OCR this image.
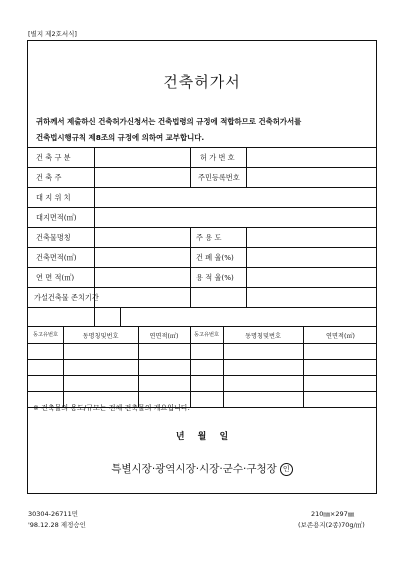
[별지 제2호서식]
건축허가서
귀하께서 제출하신 건축허가신청서는 건축법령의 규정에 적합하므로 건축허가서를
건축법시행규칙 제8조의 규정에 의하여 교부합니다.
건 축 구 분	허 가 번 호
건 축 주	주민등록번호
대 지 위 치
대지면적(㎡)
건축물명칭	주 용 도
건축면적(㎡)	건 폐 율(%)
연 면 적(㎡)	용 적 율(%)
가설건축물 존치기간
동고유번호	동명칭및번호	연면적(㎡)	동고유번호	동명칭및번호	연면적(㎡)
※ 건축물의 용도/규모는 전체 건축물의 개요입니다.
년 월 일
특별시장·광역시장·시장·군수·구청장 인
30304-26711민
'98.12.28 제정승인
210㎜×297㎜
(보존용지(2종)70g/㎡)
